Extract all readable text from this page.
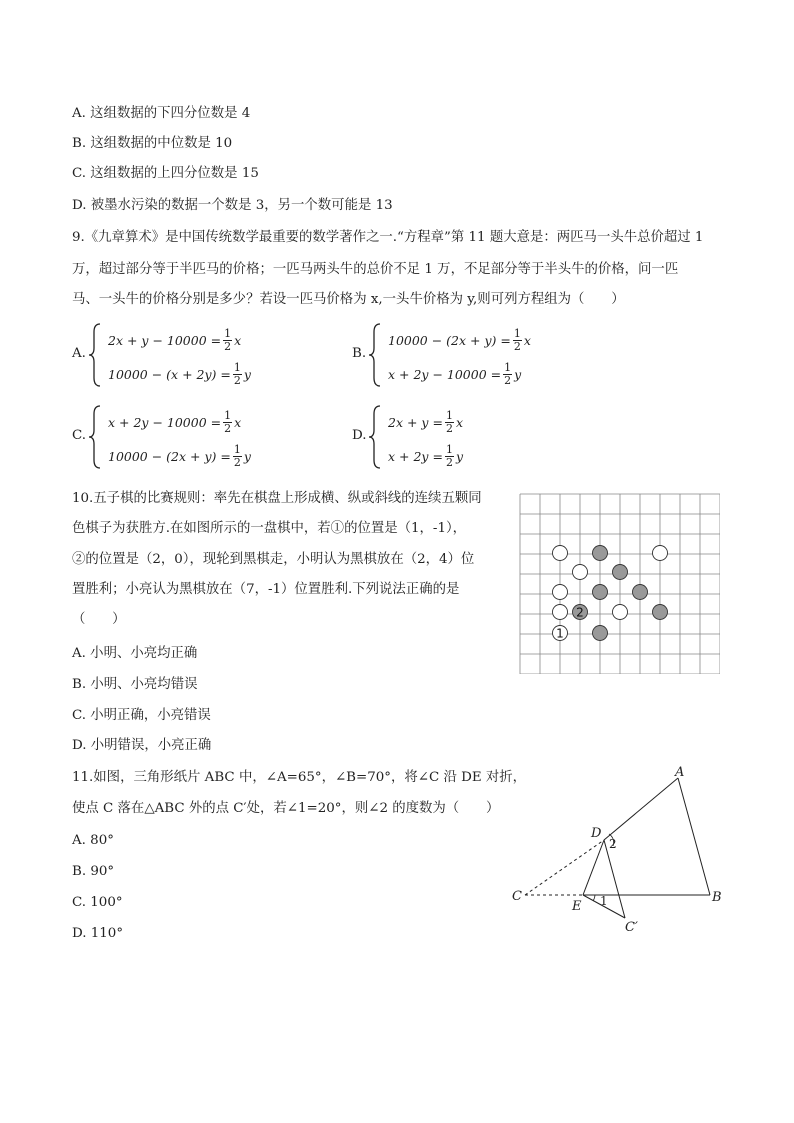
A. 这组数据的下四分位数是 4
B. 这组数据的中位数是 10
C. 这组数据的上四分位数是 15
D. 被墨水污染的数据一个数是 3，另一个数可能是 13
9.《九章算术》是中国传统数学最重要的数学著作之一.“方程章”第 11 题大意是：两匹马一头牛总价超过 1
万，超过部分等于半匹马的价格；一匹马两头牛的总价不足 1 万，不足部分等于半头牛的价格，问一匹
马、一头牛的价格分别是多少？若设一匹马价格为 x,一头牛价格为 y,则可列方程组为（　　）
A.
$2x + y - 10000 = \frac{1}{2}$ x
$10000 - (x + 2y) = \frac{1}{2}$ y
B.
$10000 - (2x + y) = \frac{1}{2}$ x
$x + 2y - 10000 = \frac{1}{2}$ y
C.
$x + 2y - 10000 = \frac{1}{2}$ x
$10000 - (2x + y) = \frac{1}{2}$ y
D.
$2x + y = \frac{1}{2}$ x
$x + 2y = \frac{1}{2}$ y
10.五子棋的比赛规则：率先在棋盘上形成横、纵或斜线的连续五颗同
色棋子为获胜方.在如图所示的一盘棋中，若①的位置是（1，-1），
②的位置是（2，0），现轮到黑棋走，小明认为黑棋放在（2，4）位
置胜利；小亮认为黑棋放在（7，-1）位置胜利.下列说法正确的是
（　　）
A. 小明、小亮均正确
B. 小明、小亮均错误
C. 小明正确，小亮错误
D. 小明错误，小亮正确
2
1
11.如图，三角形纸片 ABC 中，∠A=65°，∠B=70°，将∠C 沿 DE 对折，
使点 C 落在△ABC 外的点 C′处，若∠1=20°，则∠2 的度数为（　　）
A. 80°
B. 90°
C. 100°
D. 110°
A
B
C
D
E
C′
1
2
